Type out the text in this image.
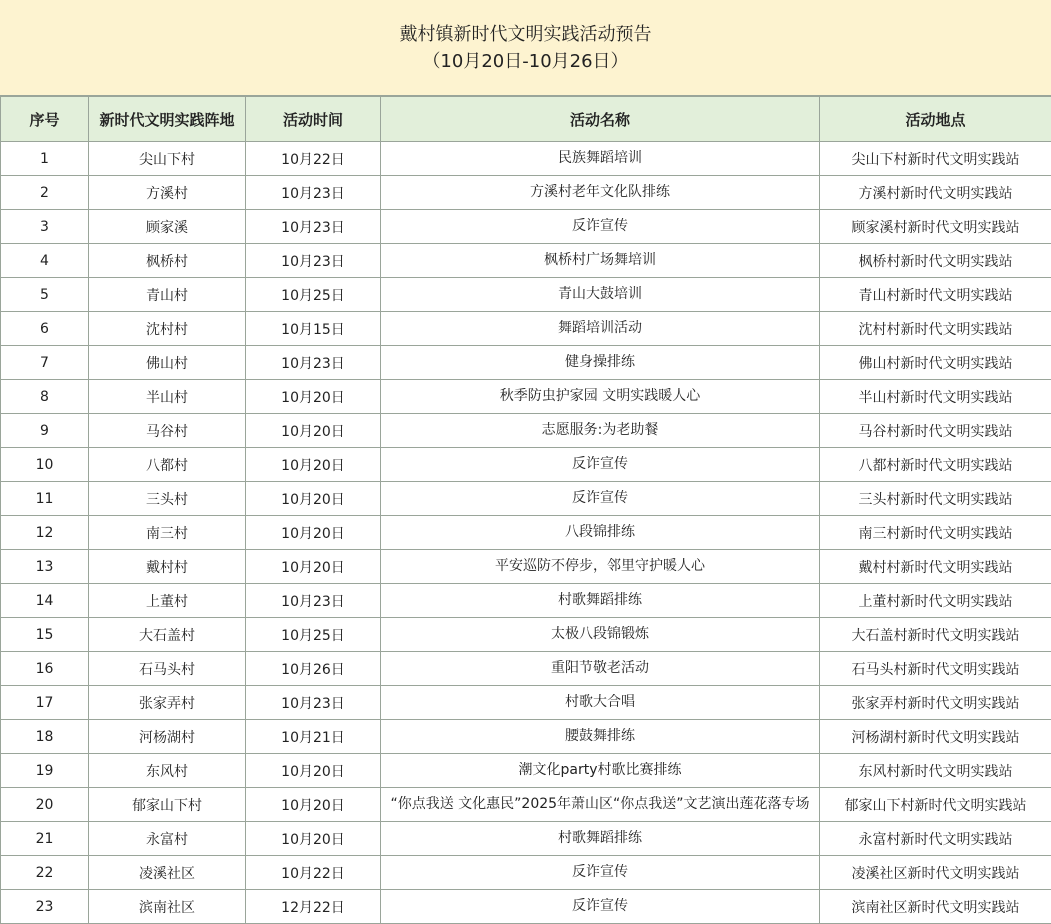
戴村镇新时代文明实践活动预告
（10月20日-10月26日）
序号	新时代文明实践阵地	活动时间	活动名称	活动地点
1	尖山下村	10月22日	民族舞蹈培训	尖山下村新时代文明实践站
2	方溪村	10月23日	方溪村老年文化队排练	方溪村新时代文明实践站
3	顾家溪	10月23日	反诈宣传	顾家溪村新时代文明实践站
4	枫桥村	10月23日	枫桥村广场舞培训	枫桥村新时代文明实践站
5	青山村	10月25日	青山大鼓培训	青山村新时代文明实践站
6	沈村村	10月15日	舞蹈培训活动	沈村村新时代文明实践站
7	佛山村	10月23日	健身操排练	佛山村新时代文明实践站
8	半山村	10月20日	秋季防虫护家园 文明实践暖人心	半山村新时代文明实践站
9	马谷村	10月20日	志愿服务:为老助餐	马谷村新时代文明实践站
10	八都村	10月20日	反诈宣传	八都村新时代文明实践站
11	三头村	10月20日	反诈宣传	三头村新时代文明实践站
12	南三村	10月20日	八段锦排练	南三村新时代文明实践站
13	戴村村	10月20日	平安巡防不停步，邻里守护暖人心	戴村村新时代文明实践站
14	上董村	10月23日	村歌舞蹈排练	上董村新时代文明实践站
15	大石盖村	10月25日	太极八段锦锻炼	大石盖村新时代文明实践站
16	石马头村	10月26日	重阳节敬老活动	石马头村新时代文明实践站
17	张家弄村	10月23日	村歌大合唱	张家弄村新时代文明实践站
18	河杨湖村	10月21日	腰鼓舞排练	河杨湖村新时代文明实践站
19	东风村	10月20日	潮文化party村歌比赛排练	东风村新时代文明实践站
20	郁家山下村	10月20日	“你点我送 文化惠民”2025年萧山区“你点我送”文艺演出莲花落专场	郁家山下村新时代文明实践站
21	永富村	10月20日	村歌舞蹈排练	永富村新时代文明实践站
22	凌溪社区	10月22日	反诈宣传	凌溪社区新时代文明实践站
23	滨南社区	12月22日	反诈宣传	滨南社区新时代文明实践站
